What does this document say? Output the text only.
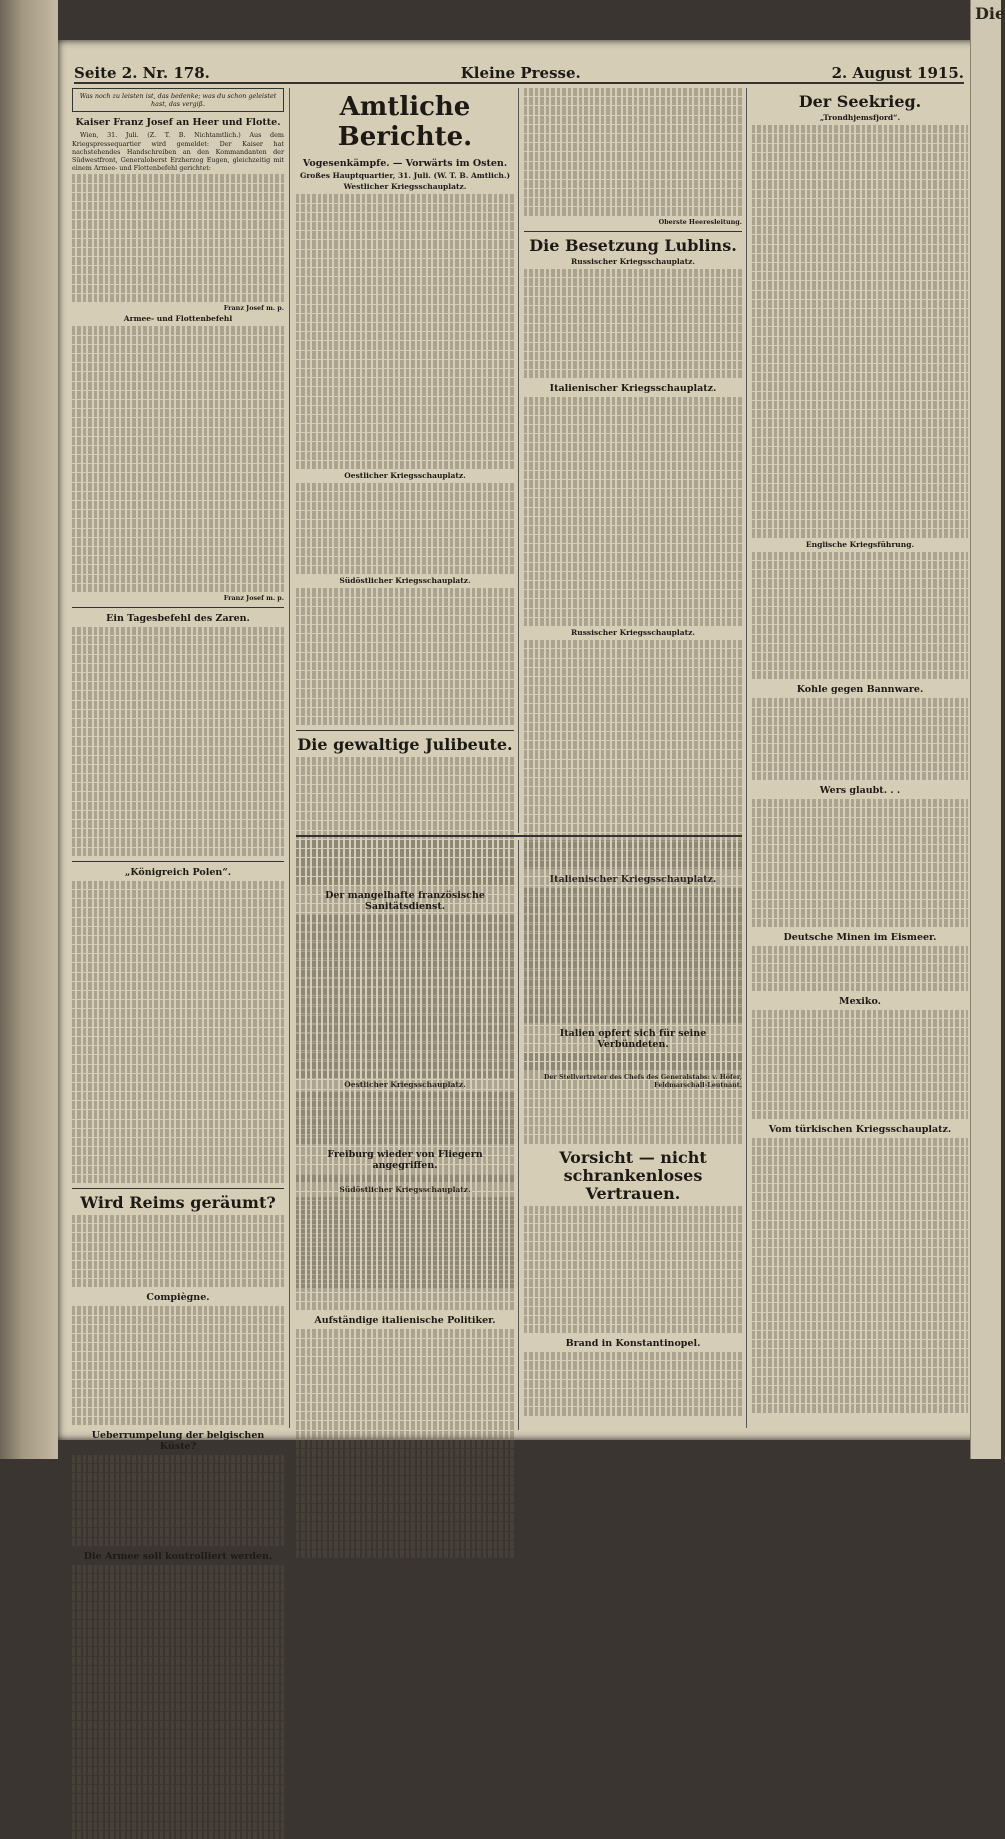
Seite 2. Nr. 178.	Kleine Presse.	2. August 1915.
Was noch zu leisten ist, das bedenke; was du schon geleistet hast, das vergiß.
Kaiser Franz Josef an Heer und Flotte.

Wien, 31. Juli. (Z. T. B. Nichtamtlich.) Aus dem Kriegspressequartier wird gemeldet: Der Kaiser hat nachstehendes Handschreiben an den Kommandanten der Südwestfront, Generaloberst Erzherzog Eugen, gleichzeitig mit einem Armee- und Flottenbefehl gerichtet:

Franz Josef m. p.
Armee- und Flottenbefehl
Franz Josef m. p.
Ein Tagesbefehl des Zaren.
„Königreich Polen“.
Wird Reims geräumt?
Compiègne.
Ueberrumpelung der belgischen Küste?
Die Armee soll kontrolliert werden.
Amtliche Berichte.
Vogesenkämpfe. — Vorwärts im Osten.
Großes Hauptquartier, 31. Juli. (W. T. B. Amtlich.)
Westlicher Kriegsschauplatz.
Oestlicher Kriegsschauplatz.
Südöstlicher Kriegsschauplatz.
Die gewaltige Julibeute.
Oestlicher Kriegsschauplatz.
Südöstlicher Kriegsschauplatz.
Oberste Heeresleitung.
Die Besetzung Lublins.
Russischer Kriegsschauplatz.
Italienischer Kriegsschauplatz.
Russischer Kriegsschauplatz.
Italienischer Kriegsschauplatz.
Der Stellvertreter des Chefs des Generalstabs: v. Höfer, Feldmarschall-Leutnant.
Der Seekrieg.
„Trondhjemsfjord“.
Englische Kriegsführung.
Kohle gegen Bannware.
Wers glaubt. . .
Deutsche Minen im Eismeer.
Mexiko.
Vom türkischen Kriegsschauplatz.
Der mangelhafte französische Sanitätsdienst.
Freiburg wieder von Fliegern angegriffen.
Aufständige italienische Politiker.
Italien opfert sich für seine Verbündeten.
Vorsicht — nicht schrankenloses Vertrauen.
Brand in Konstantinopel.
Die
